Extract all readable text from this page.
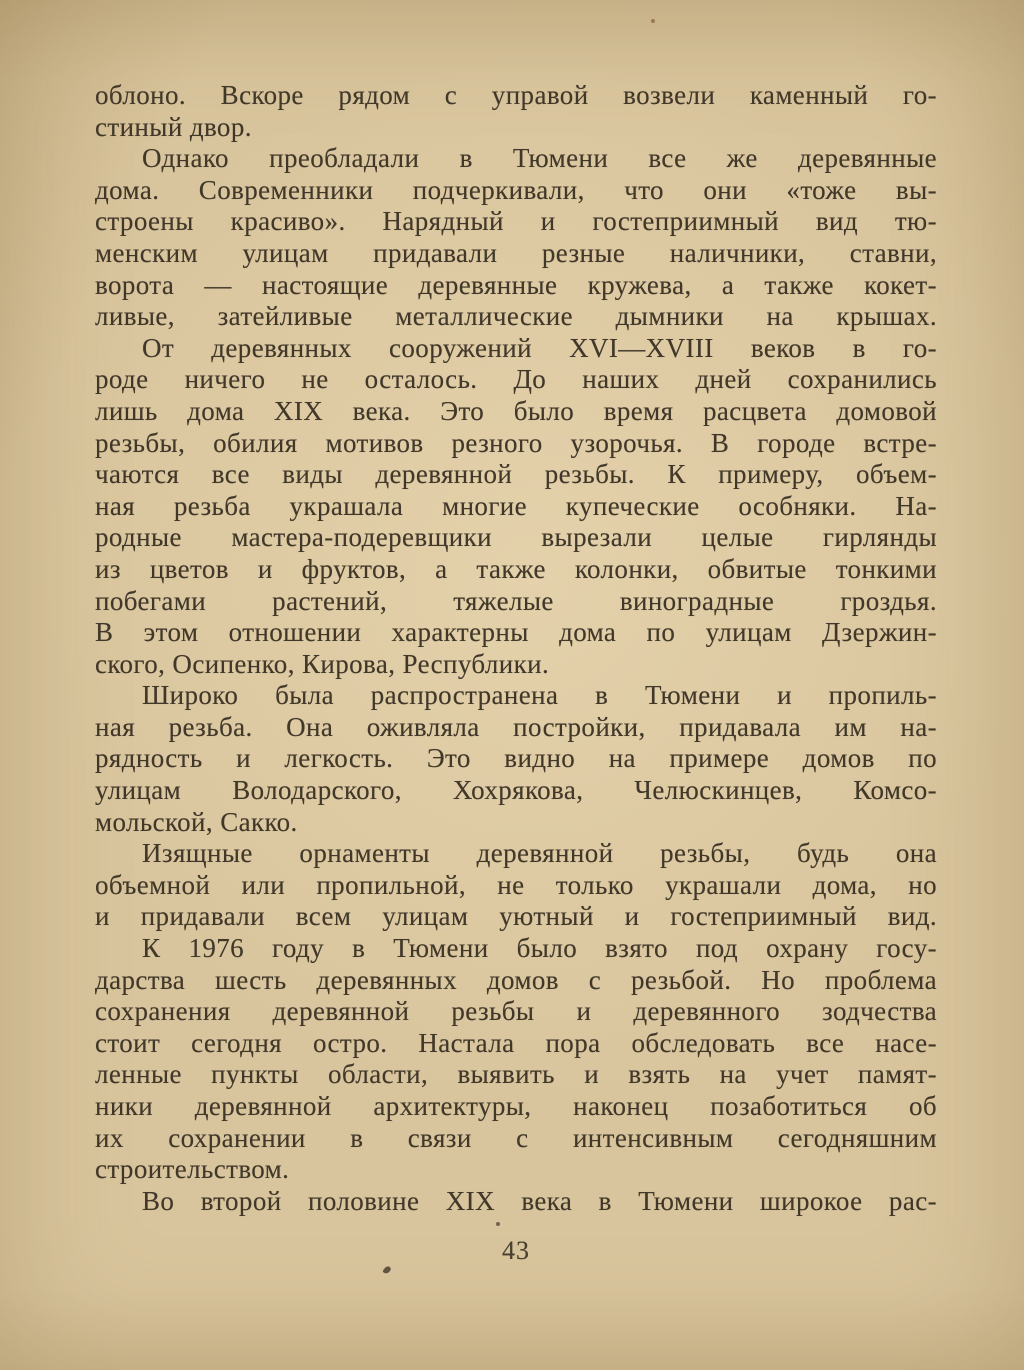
облоно. Вскоре рядом с управой возвели каменный го-
стиный двор.
Однако преобладали в Тюмени все же деревянные
дома. Современники подчеркивали, что они «тоже вы-
строены красиво». Нарядный и гостеприимный вид тю-
менским улицам придавали резные наличники, ставни,
ворота — настоящие деревянные кружева, а также кокет-
ливые, затейливые металлические дымники на крышах.
От деревянных сооружений XVI—XVIII веков в го-
роде ничего не осталось. До наших дней сохранились
лишь дома XIX века. Это было время расцвета домовой
резьбы, обилия мотивов резного узорочья. В городе встре-
чаются все виды деревянной резьбы. К примеру, объем-
ная резьба украшала многие купеческие особняки. На-
родные мастера-подеревщики вырезали целые гирлянды
из цветов и фруктов, а также колонки, обвитые тонкими
побегами растений, тяжелые виноградные гроздья.
В этом отношении характерны дома по улицам Дзержин-
ского, Осипенко, Кирова, Республики.
Широко была распространена в Тюмени и пропиль-
ная резьба. Она оживляла постройки, придавала им на-
рядность и легкость. Это видно на примере домов по
улицам Володарского, Хохрякова, Челюскинцев, Комсо-
мольской, Сакко.
Изящные орнаменты деревянной резьбы, будь она
объемной или пропильной, не только украшали дома, но
и придавали всем улицам уютный и гостеприимный вид.
К 1976 году в Тюмени было взято под охрану госу-
дарства шесть деревянных домов с резьбой. Но проблема
сохранения деревянной резьбы и деревянного зодчества
стоит сегодня остро. Настала пора обследовать все насе-
ленные пункты области, выявить и взять на учет памят-
ники деревянной архитектуры, наконец позаботиться об
их сохранении в связи с интенсивным сегодняшним
строительством.
Во второй половине XIX века в Тюмени широкое рас-
43
